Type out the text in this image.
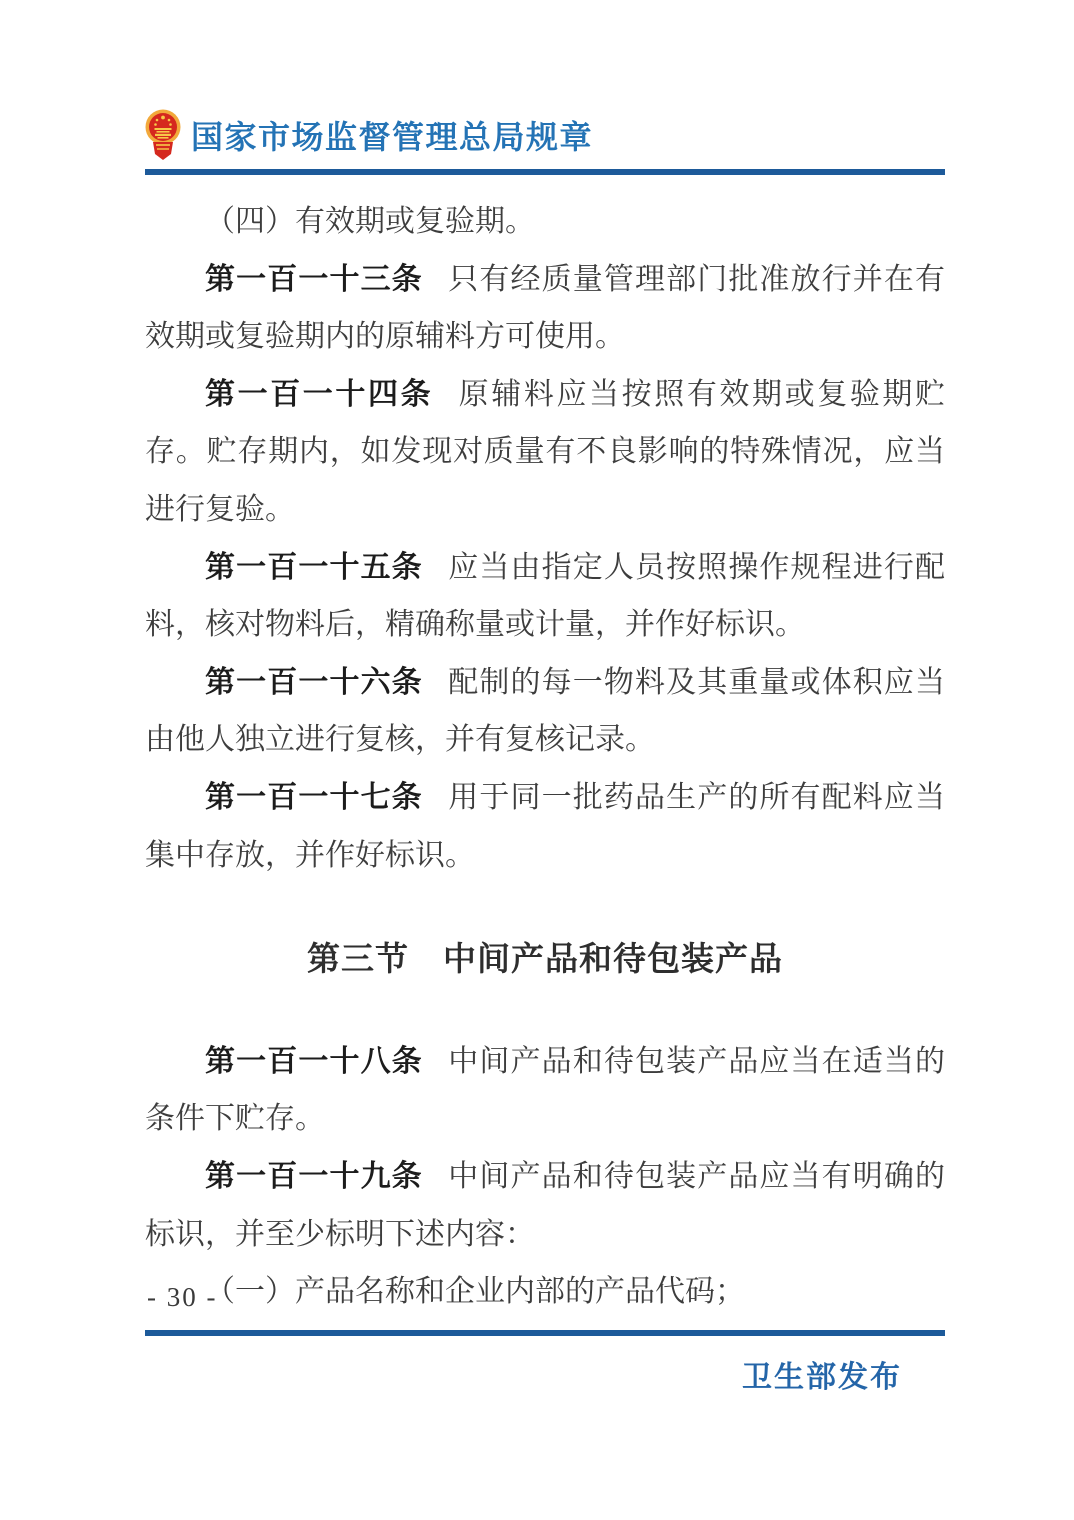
国家市场监督管理总局规章

（四）有效期或复验期。

第一百一十三条 只有经质量管理部门批准放行并在有效期或复验期内的原辅料方可使用。

第一百一十四条 原辅料应当按照有效期或复验期贮存。贮存期内，如发现对质量有不良影响的特殊情况，应当进行复验。

第一百一十五条 应当由指定人员按照操作规程进行配料，核对物料后，精确称量或计量，并作好标识。

第一百一十六条 配制的每一物料及其重量或体积应当由他人独立进行复核，并有复核记录。

第一百一十七条 用于同一批药品生产的所有配料应当集中存放，并作好标识。

第三节　中间产品和待包装产品

第一百一十八条 中间产品和待包装产品应当在适当的条件下贮存。

第一百一十九条 中间产品和待包装产品应当有明确的标识，并至少标明下述内容：

（一）产品名称和企业内部的产品代码；

- 30 -
卫生部发布
